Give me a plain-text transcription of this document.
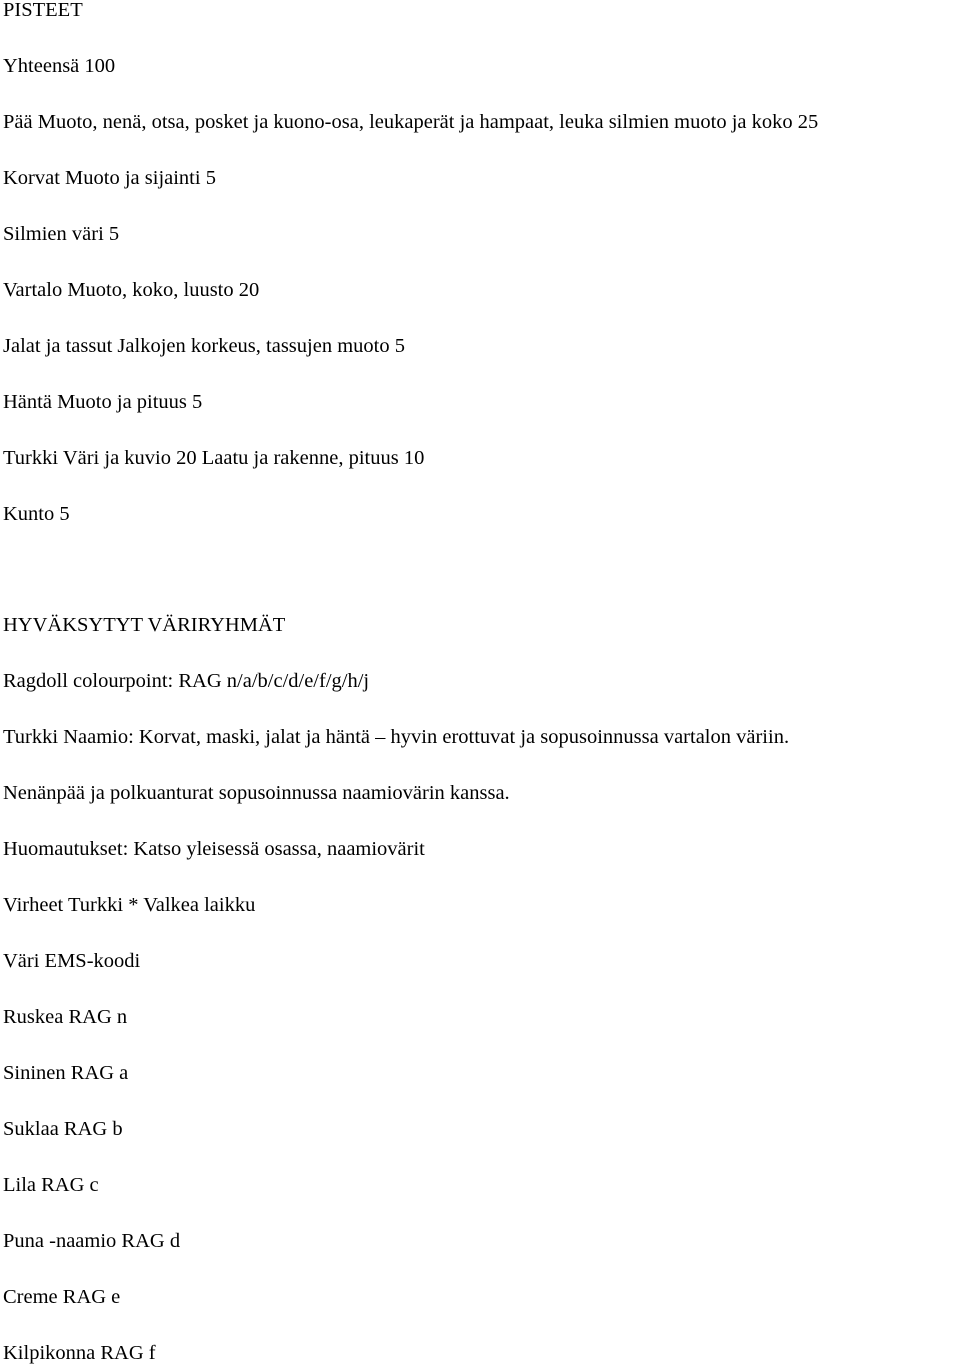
PISTEET
Yhteensä 100
Pää Muoto, nenä, otsa, posket ja kuono-osa, leukaperät ja hampaat, leuka silmien muoto ja koko 25
Korvat Muoto ja sijainti 5
Silmien väri 5
Vartalo Muoto, koko, luusto 20
Jalat ja tassut Jalkojen korkeus, tassujen muoto 5
Häntä Muoto ja pituus 5
Turkki Väri ja kuvio 20 Laatu ja rakenne, pituus 10
Kunto 5
HYVÄKSYTYT VÄRIRYHMÄT
Ragdoll colourpoint: RAG n/a/b/c/d/e/f/g/h/j
Turkki Naamio: Korvat, maski, jalat ja häntä – hyvin erottuvat ja sopusoinnussa vartalon väriin.
Nenänpää ja polkuanturat sopusoinnussa naamiovärin kanssa.
Huomautukset: Katso yleisessä osassa, naamiovärit
Virheet Turkki * Valkea laikku
Väri EMS-koodi
Ruskea RAG n
Sininen RAG a
Suklaa RAG b
Lila RAG c
Puna -naamio RAG d
Creme RAG e
Kilpikonna RAG f
